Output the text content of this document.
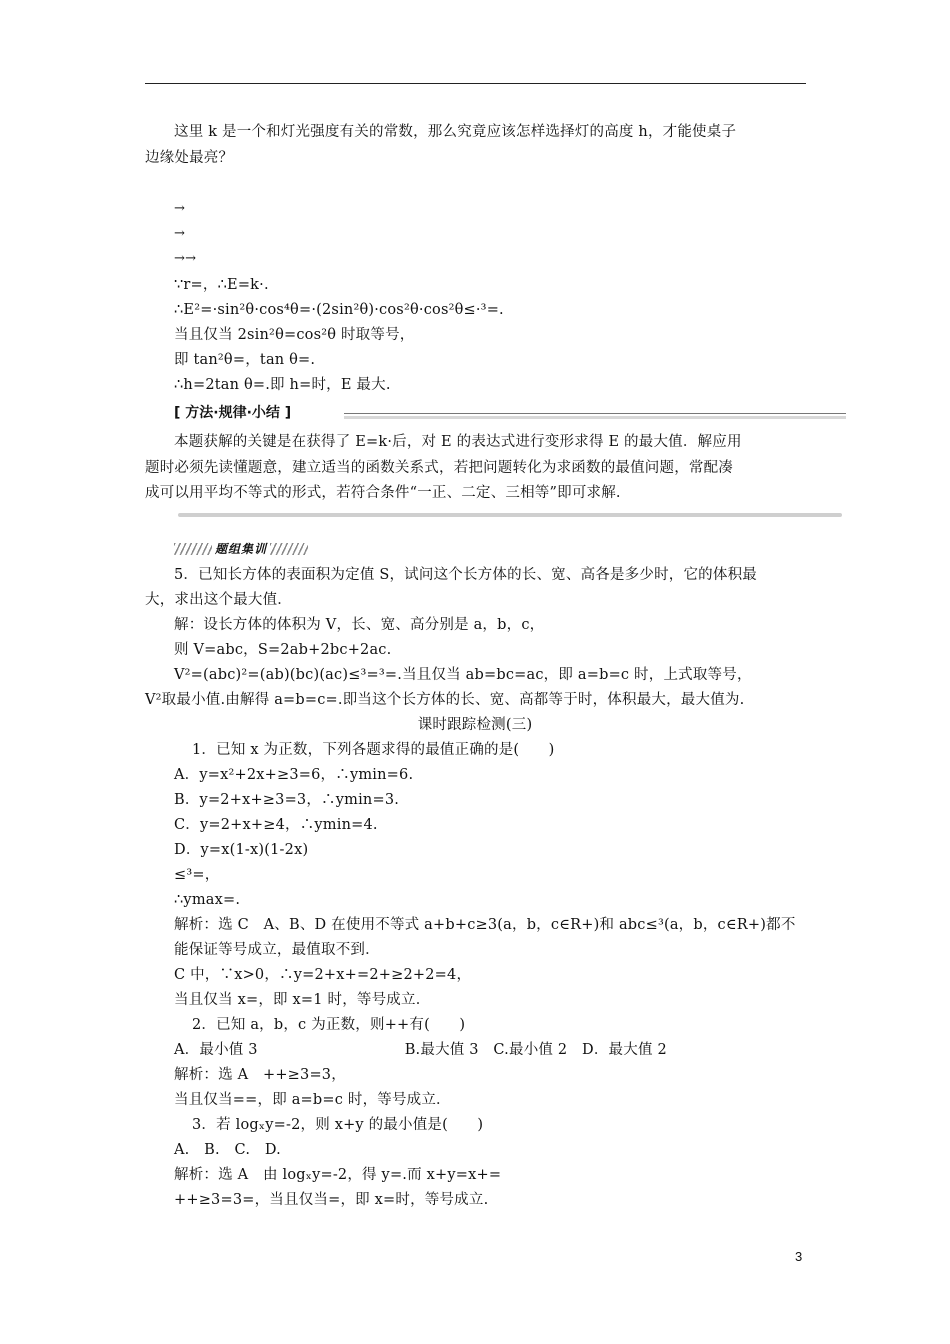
这里 k 是一个和灯光强度有关的常数，那么究竟应该怎样选择灯的高度 h，才能使桌子
边缘处最亮？
→
→
→→
∵r=，∴E=k·.
∴E²=·sin²θ·cos⁴θ=·(2sin²θ)·cos²θ·cos²θ≤·³=.
当且仅当 2sin²θ=cos²θ 时取等号，
即 tan²θ=，tan θ=.
∴h=2tan θ=.即 h=时，E 最大.
[ 方法·规律·小结 ]
本题获解的关键是在获得了 E=k·后，对 E 的表达式进行变形求得 E 的最大值．解应用
题时必须先读懂题意，建立适当的函数关系式，若把问题转化为求函数的最值问题，常配凑
成可以用平均不等式的形式，若符合条件“一正、二定、三相等”即可求解.
题组集训
5．已知长方体的表面积为定值 S，试问这个长方体的长、宽、高各是多少时，它的体积最
大，求出这个最大值．
解：设长方体的体积为 V，长、宽、高分别是 a，b，c，
则 V=abc，S=2ab+2bc+2ac.
V²=(abc)²=(ab)(bc)(ac)≤³=³=.当且仅当 ab=bc=ac，即 a=b=c 时，上式取等号，
V²取最小值.由解得 a=b=c=.即当这个长方体的长、宽、高都等于时，体积最大，最大值为.
课时跟踪检测(三)
1．已知 x 为正数，下列各题求得的最值正确的是(　　)
A．y=x²+2x+≥3=6，∴ymin=6.
B．y=2+x+≥3=3，∴ymin=3.
C．y=2+x+≥4，∴ymin=4.
D．y=x(1-x)(1-2x)
≤³=，
∴ymax=.
解析：选 C　A、B、D 在使用不等式 a+b+c≥3(a，b，c∈R+)和 abc≤³(a，b，c∈R+)都不
能保证等号成立，最值取不到．
C 中，∵x>0，∴y=2+x+=2+≥2+2=4，
当且仅当 x=，即 x=1 时，等号成立．
2．已知 a，b，c 为正数，则++有(　　)
A．最小值 3　　　　　　　　　　B.最大值 3　C.最小值 2　D．最大值 2
解析：选 A　++≥3=3，
当且仅当==，即 a=b=c 时，等号成立．
3．若 logₓy=-2，则 x+y 的最小值是(　　)
A.　B.　C.　D.
解析：选 A　由 logₓy=-2，得 y=.而 x+y=x+=
++≥3=3=，当且仅当=，即 x=时，等号成立.
3
